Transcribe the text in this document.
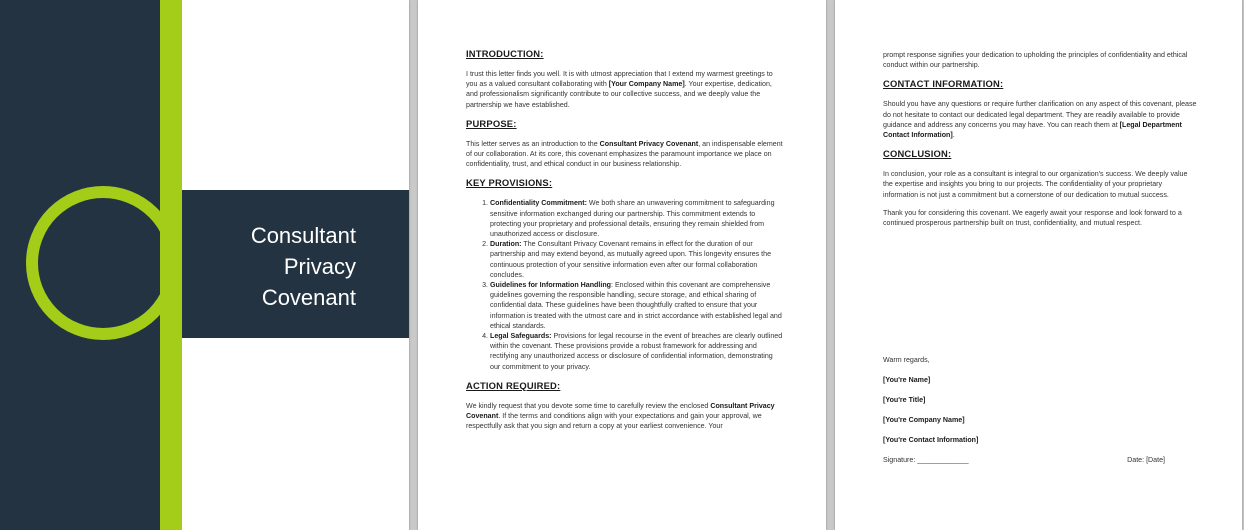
Consultant
Privacy
Covenant
INTRODUCTION:

I trust this letter finds you well. It is with utmost appreciation that I extend my warmest greetings to you as a valued consultant collaborating with [Your Company Name]. Your expertise, dedication, and professionalism significantly contribute to our collective success, and we deeply value the partnership we have established.

PURPOSE:

This letter serves as an introduction to the Consultant Privacy Covenant, an indispensable element of our collaboration. At its core, this covenant emphasizes the paramount importance we place on confidentiality, trust, and ethical conduct in our business relationship.

KEY PROVISIONS:
1. Confidentiality Commitment: We both share an unwavering commitment to safeguarding sensitive information exchanged during our partnership. This commitment extends to protecting your proprietary and professional details, ensuring they remain shielded from unauthorized access or disclosure.
2. Duration: The Consultant Privacy Covenant remains in effect for the duration of our partnership and may extend beyond, as mutually agreed upon. This longevity ensures the continuous protection of your sensitive information even after our formal collaboration concludes.
3. Guidelines for Information Handling: Enclosed within this covenant are comprehensive guidelines governing the responsible handling, secure storage, and ethical sharing of confidential data. These guidelines have been thoughtfully crafted to ensure that your information is treated with the utmost care and in strict accordance with established legal and ethical standards.
4. Legal Safeguards: Provisions for legal recourse in the event of breaches are clearly outlined within the covenant. These provisions provide a robust framework for addressing and rectifying any unauthorized access or disclosure of confidential information, demonstrating our commitment to your privacy.
ACTION REQUIRED:

We kindly request that you devote some time to carefully review the enclosed Consultant Privacy Covenant. If the terms and conditions align with your expectations and gain your approval, we respectfully ask that you sign and return a copy at your earliest convenience. Your

prompt response signifies your dedication to upholding the principles of confidentiality and ethical conduct within our partnership.

CONTACT INFORMATION:

Should you have any questions or require further clarification on any aspect of this covenant, please do not hesitate to contact our dedicated legal department. They are readily available to provide guidance and address any concerns you may have. You can reach them at [Legal Department Contact Information].

CONCLUSION:

In conclusion, your role as a consultant is integral to our organization's success. We deeply value the expertise and insights you bring to our projects. The confidentiality of your proprietary information is not just a commitment but a cornerstone of our dedication to mutual success.

Thank you for considering this covenant. We eagerly await your response and look forward to a continued prosperous partnership built on trust, confidentiality, and mutual respect.

Warm regards,
[You're Name]
[You're Title]
[You're Company Name]
[You're Contact Information]
Signature: _____________	Date: [Date]
